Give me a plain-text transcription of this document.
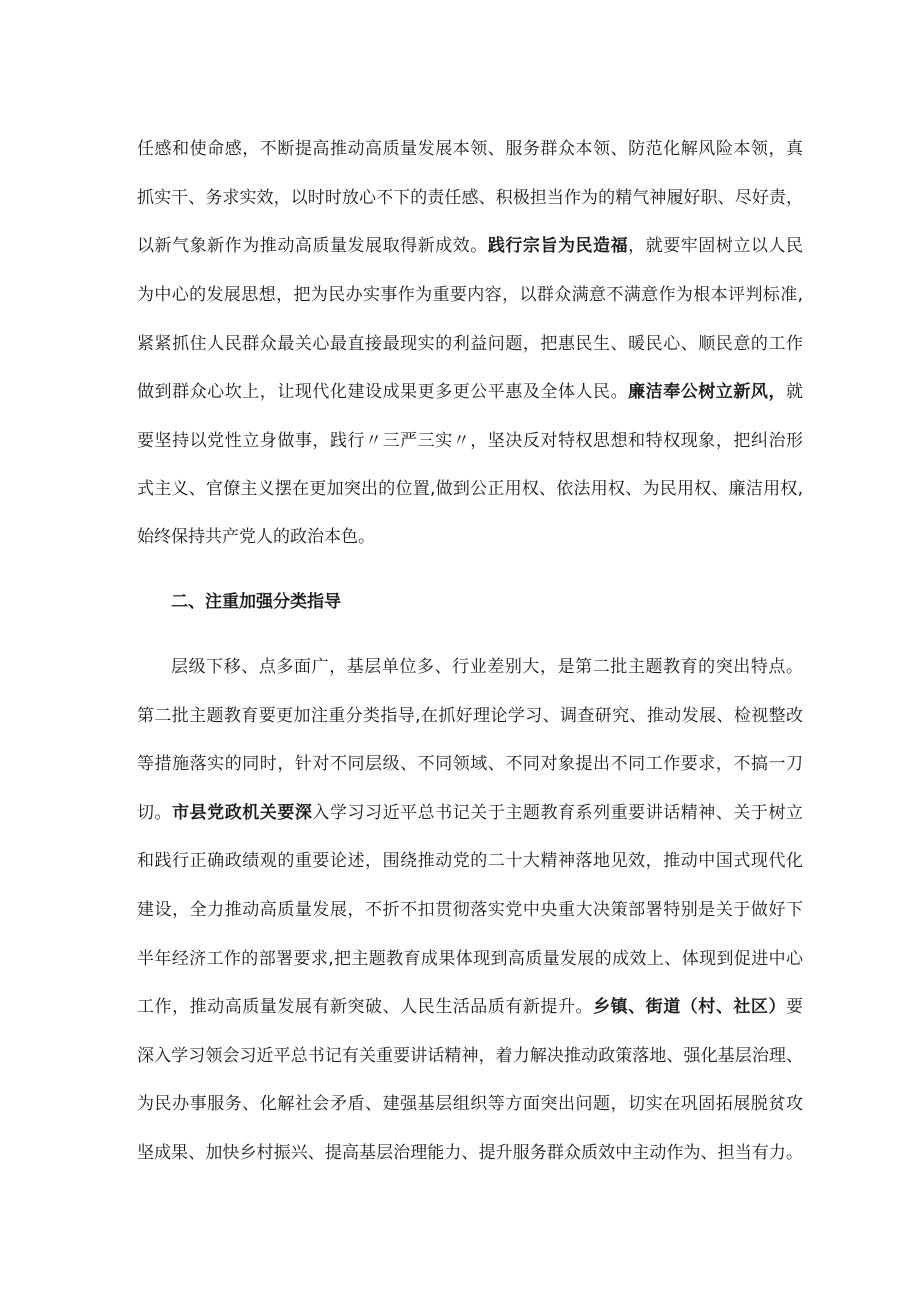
任感和使命感，不断提高推动高质量发展本领、服务群众本领、防范化解风险本领，真
抓实干、务求实效，以时时放心不下的责任感、积极担当作为的精气神履好职、尽好责，
以新气象新作为推动高质量发展取得新成效。践行宗旨为民造福，就要牢固树立以人民
为中心的发展思想，把为民办实事作为重要内容，以群众满意不满意作为根本评判标准,
紧紧抓住人民群众最关心最直接最现实的利益问题，把惠民生、暖民心、顺民意的工作
做到群众心坎上，让现代化建设成果更多更公平惠及全体人民。廉洁奉公树立新风，就
要坚持以党性立身做事，践行〃三严三实〃，坚决反对特权思想和特权现象，把纠治形
式主义、官僚主义摆在更加突出的位置,做到公正用权、依法用权、为民用权、廉洁用权,
始终保持共产党人的政治本色。
二、注重加强分类指导
层级下移、点多面广，基层单位多、行业差别大，是第二批主题教育的突出特点。
第二批主题教育要更加注重分类指导,在抓好理论学习、调查研究、推动发展、检视整改
等措施落实的同时，针对不同层级、不同领域、不同对象提出不同工作要求，不搞一刀
切。市县党政机关要深入学习习近平总书记关于主题教育系列重要讲话精神、关于树立
和践行正确政绩观的重要论述，围绕推动党的二十大精神落地见效，推动中国式现代化
建设，全力推动高质量发展，不折不扣贯彻落实党中央重大决策部署特别是关于做好下
半年经济工作的部署要求,把主题教育成果体现到高质量发展的成效上、体现到促进中心
工作，推动高质量发展有新突破、人民生活品质有新提升。乡镇、街道（村、社区）要
深入学习领会习近平总书记有关重要讲话精神，着力解决推动政策落地、强化基层治理、
为民办事服务、化解社会矛盾、建强基层组织等方面突出问题，切实在巩固拓展脱贫攻
坚成果、加快乡村振兴、提高基层治理能力、提升服务群众质效中主动作为、担当有力。
